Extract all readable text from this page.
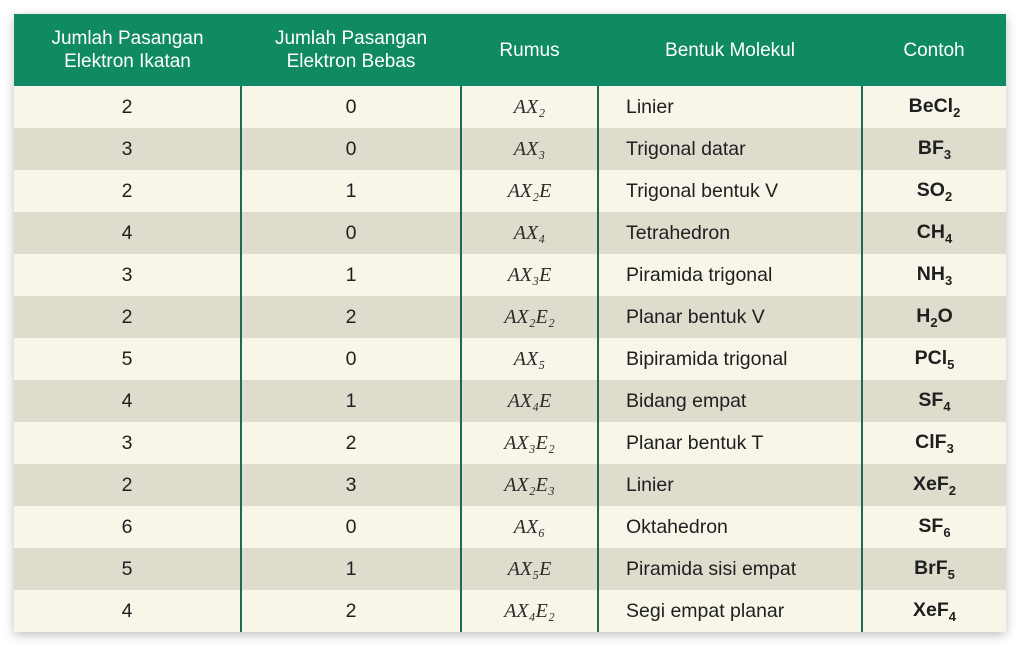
Jumlah Pasangan Elektron Ikatan	Jumlah Pasangan Elektron Bebas	Rumus	Bentuk Molekul	Contoh
2	0	AX₂	Linier	BeCl$_2$
3	0	AX₃	Trigonal datar	$BF_3$
2	1	AX₂E	Trigonal bentuk V	$SO_2$
4	0	AX₄	Tetrahedron	$CH_4$
3	1	AX₃E	Piramida trigonal	$NH_3$
2	2	AX₂E₂	Planar bentuk V	$H_2O$
5	0	AX₅	Bipiramida trigonal	PCl$_5$
4	1	AX₄E	Bidang empat	$SF_4$
3	2	AX₃E₂	Planar bentuk T	ClF$_3$
2	3	AX₂E₃	Linier	XeF$_2$
6	0	AX₆	Oktahedron	$SF_6$
5	1	AX₅E	Piramida sisi empat	BrF$_5$
4	2	AX₄E₂	Segi empat planar	XeF$_4$
